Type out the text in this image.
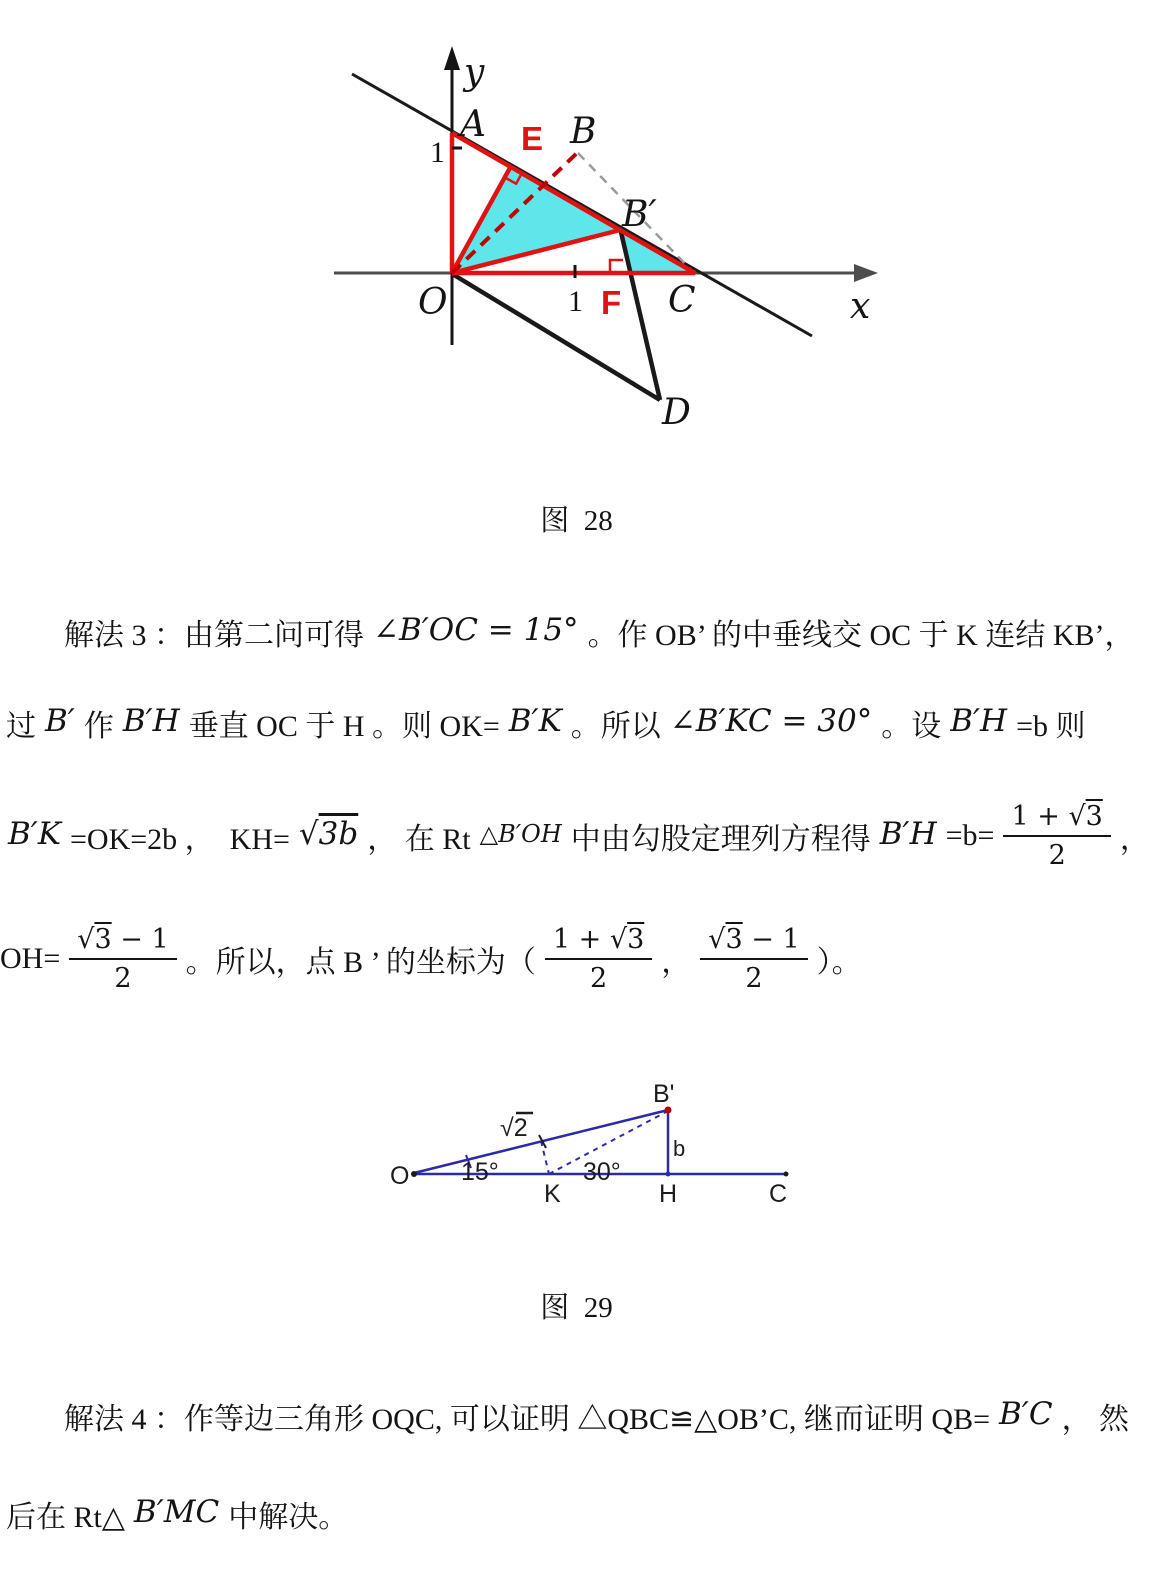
y
x
A B
B′
C
D
O
E
F
1
1
图  28
解法 3 ：由第二问可得 ∠B′OC = 15° 。作 OB’ 的中垂线交 OC 于 K 连结 KB’，
过 B′ 作 B′H 垂直 OC 于 H 。则 OK= B′K 。所以 ∠B′KC = 30° 。设 B′H =b 则
B′K =OK=2b ，  KH= √3b ， 在 Rt △B′OH 中由勾股定理列方程得 $B'H =b= \frac{1 + √3}{2}$ ，
$OH= \frac{√3 - 1}{2}$ 。所以，点 B ’ 的坐标为（ $\frac{1 + √3}{2}$ ， $\frac{√3 - 1}{2}$ ）。
O
K	H	C
B'
b
15°	30°
√2
图  29
解法 4 ：作等边三角形 OQC, 可以证明 △QBC≌△OB’C, 继而证明 QB= B′C ， 然
后在 Rt△ B′MC 中解决。
